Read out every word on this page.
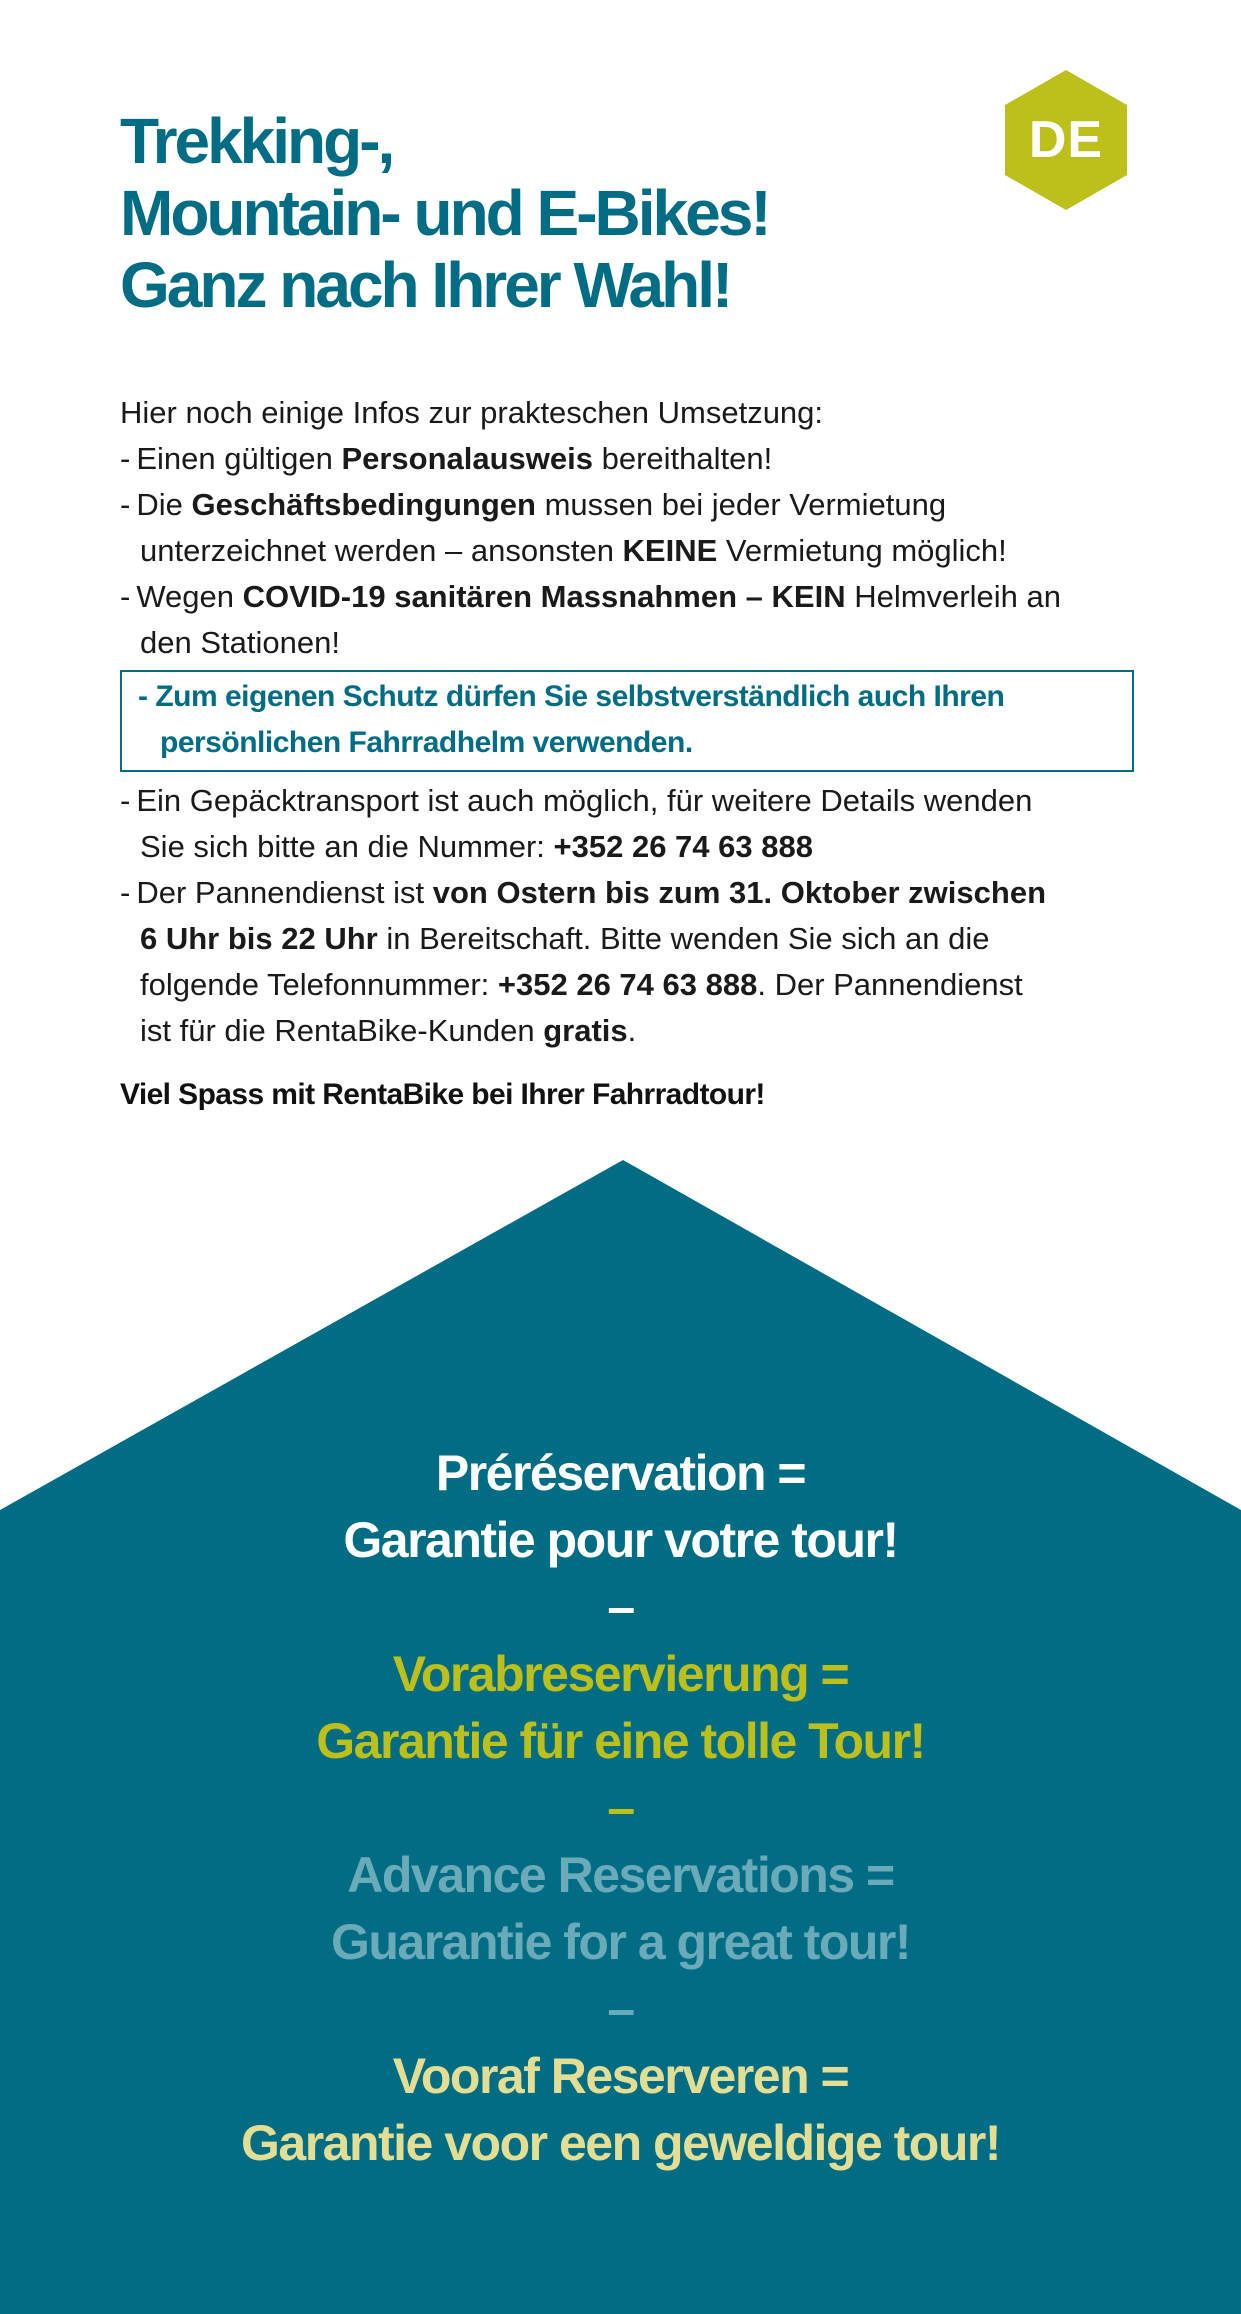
Trekking-,
Mountain- und E-Bikes!
Ganz nach Ihrer Wahl!
DE

Hier noch einige Infos zur prakteschen Umsetzung:

- Einen gültigen Personalausweis bereithalten!

- Die Geschäftsbedingungen mussen bei jeder Vermietung

unterzeichnet werden – ansonsten KEINE Vermietung möglich!

- Wegen COVID-19 sanitären Massnahmen – KEIN Helmverleih an

den Stationen!

- Zum eigenen Schutz dürfen Sie selbstverständlich auch Ihren
persönlichen Fahrradhelm verwenden.

- Ein Gepäcktransport ist auch möglich, für weitere Details wenden

Sie sich bitte an die Nummer: +352 26 74 63 888

- Der Pannendienst ist von Ostern bis zum 31. Oktober zwischen

6 Uhr bis 22 Uhr in Bereitschaft. Bitte wenden Sie sich an die

folgende Telefonnummer: +352 26 74 63 888. Der Pannendienst

ist für die RentaBike-Kunden gratis.

Viel Spass mit RentaBike bei Ihrer Fahrradtour!

Préréservation =
Garantie pour votre tour!
–
Vorabreservierung =
Garantie für eine tolle Tour!
–
Advance Reservations =
Guarantie for a great tour!
–
Vooraf Reserveren =
Garantie voor een geweldige tour!
